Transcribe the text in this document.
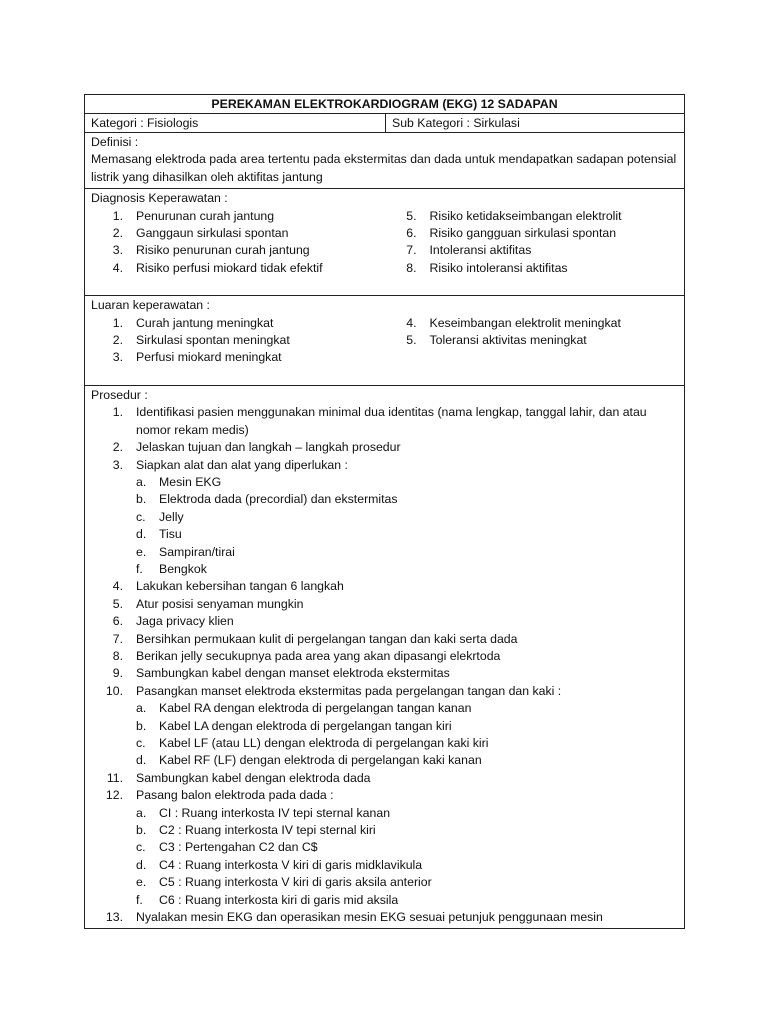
PEREKAMAN ELEKTROKARDIOGRAM (EKG) 12 SADAPAN
Kategori : Fisiologis	Sub Kategori : Sirkulasi
Definisi :
Memasang elektroda pada area tertentu pada ekstermitas dan dada untuk mendapatkan sadapan potensial listrik yang dihasilkan oleh aktifitas jantung
Diagnosis Keperawatan :
1. Penurunan curah jantung
2. Ganggaun sirkulasi spontan
3. Risiko penurunan curah jantung
4. Risiko perfusi miokard tidak efektif
5. Risiko ketidakseimbangan elektrolit
6. Risiko gangguan sirkulasi spontan
7. Intoleransi aktifitas
8. Risiko intoleransi aktifitas
Luaran keperawatan :
1. Curah jantung meningkat
2. Sirkulasi spontan meningkat
3. Perfusi miokard meningkat
4. Keseimbangan elektrolit meningkat
5. Toleransi aktivitas meningkat
Prosedur :
1. Identifikasi pasien menggunakan minimal dua identitas (nama lengkap, tanggal lahir, dan atau nomor rekam medis)
2. Jelaskan tujuan dan langkah – langkah prosedur
3. Siapkan alat dan alat yang diperlukan :
a.	Mesin EKG
b.	Elektroda dada (precordial) dan ekstermitas
c.	Jelly
d.	Tisu
e.	Sampiran/tirai
f.	Bengkok
4. Lakukan kebersihan tangan 6 langkah
5. Atur posisi senyaman mungkin
6. Jaga privacy klien
7. Bersihkan permukaan kulit di pergelangan tangan dan kaki serta dada
8. Berikan jelly secukupnya pada area yang akan dipasangi elekrtoda
9. Sambungkan kabel dengan manset elektroda ekstermitas
10. Pasangkan manset elektroda ekstermitas pada pergelangan tangan dan kaki :
a.	Kabel RA dengan elektroda di pergelangan tangan kanan
b.	Kabel LA dengan elektroda di pergelangan tangan kiri
c.	Kabel LF (atau LL) dengan elektroda di pergelangan kaki kiri
d.	Kabel RF (LF) dengan elektroda di pergelangan kaki kanan
11. Sambungkan kabel dengan elektroda dada
12. Pasang balon elektroda pada dada :
a.	CI : Ruang interkosta IV tepi sternal kanan
b.	C2 : Ruang interkosta IV tepi sternal kiri
c.	C3 : Pertengahan C2 dan C$
d.	C4 : Ruang interkosta V kiri di garis midklavikula
e.	C5 : Ruang interkosta V kiri di garis aksila anterior
f.	C6 : Ruang interkosta kiri di garis mid aksila
13. Nyalakan mesin EKG dan operasikan mesin EKG sesuai petunjuk penggunaan mesin
